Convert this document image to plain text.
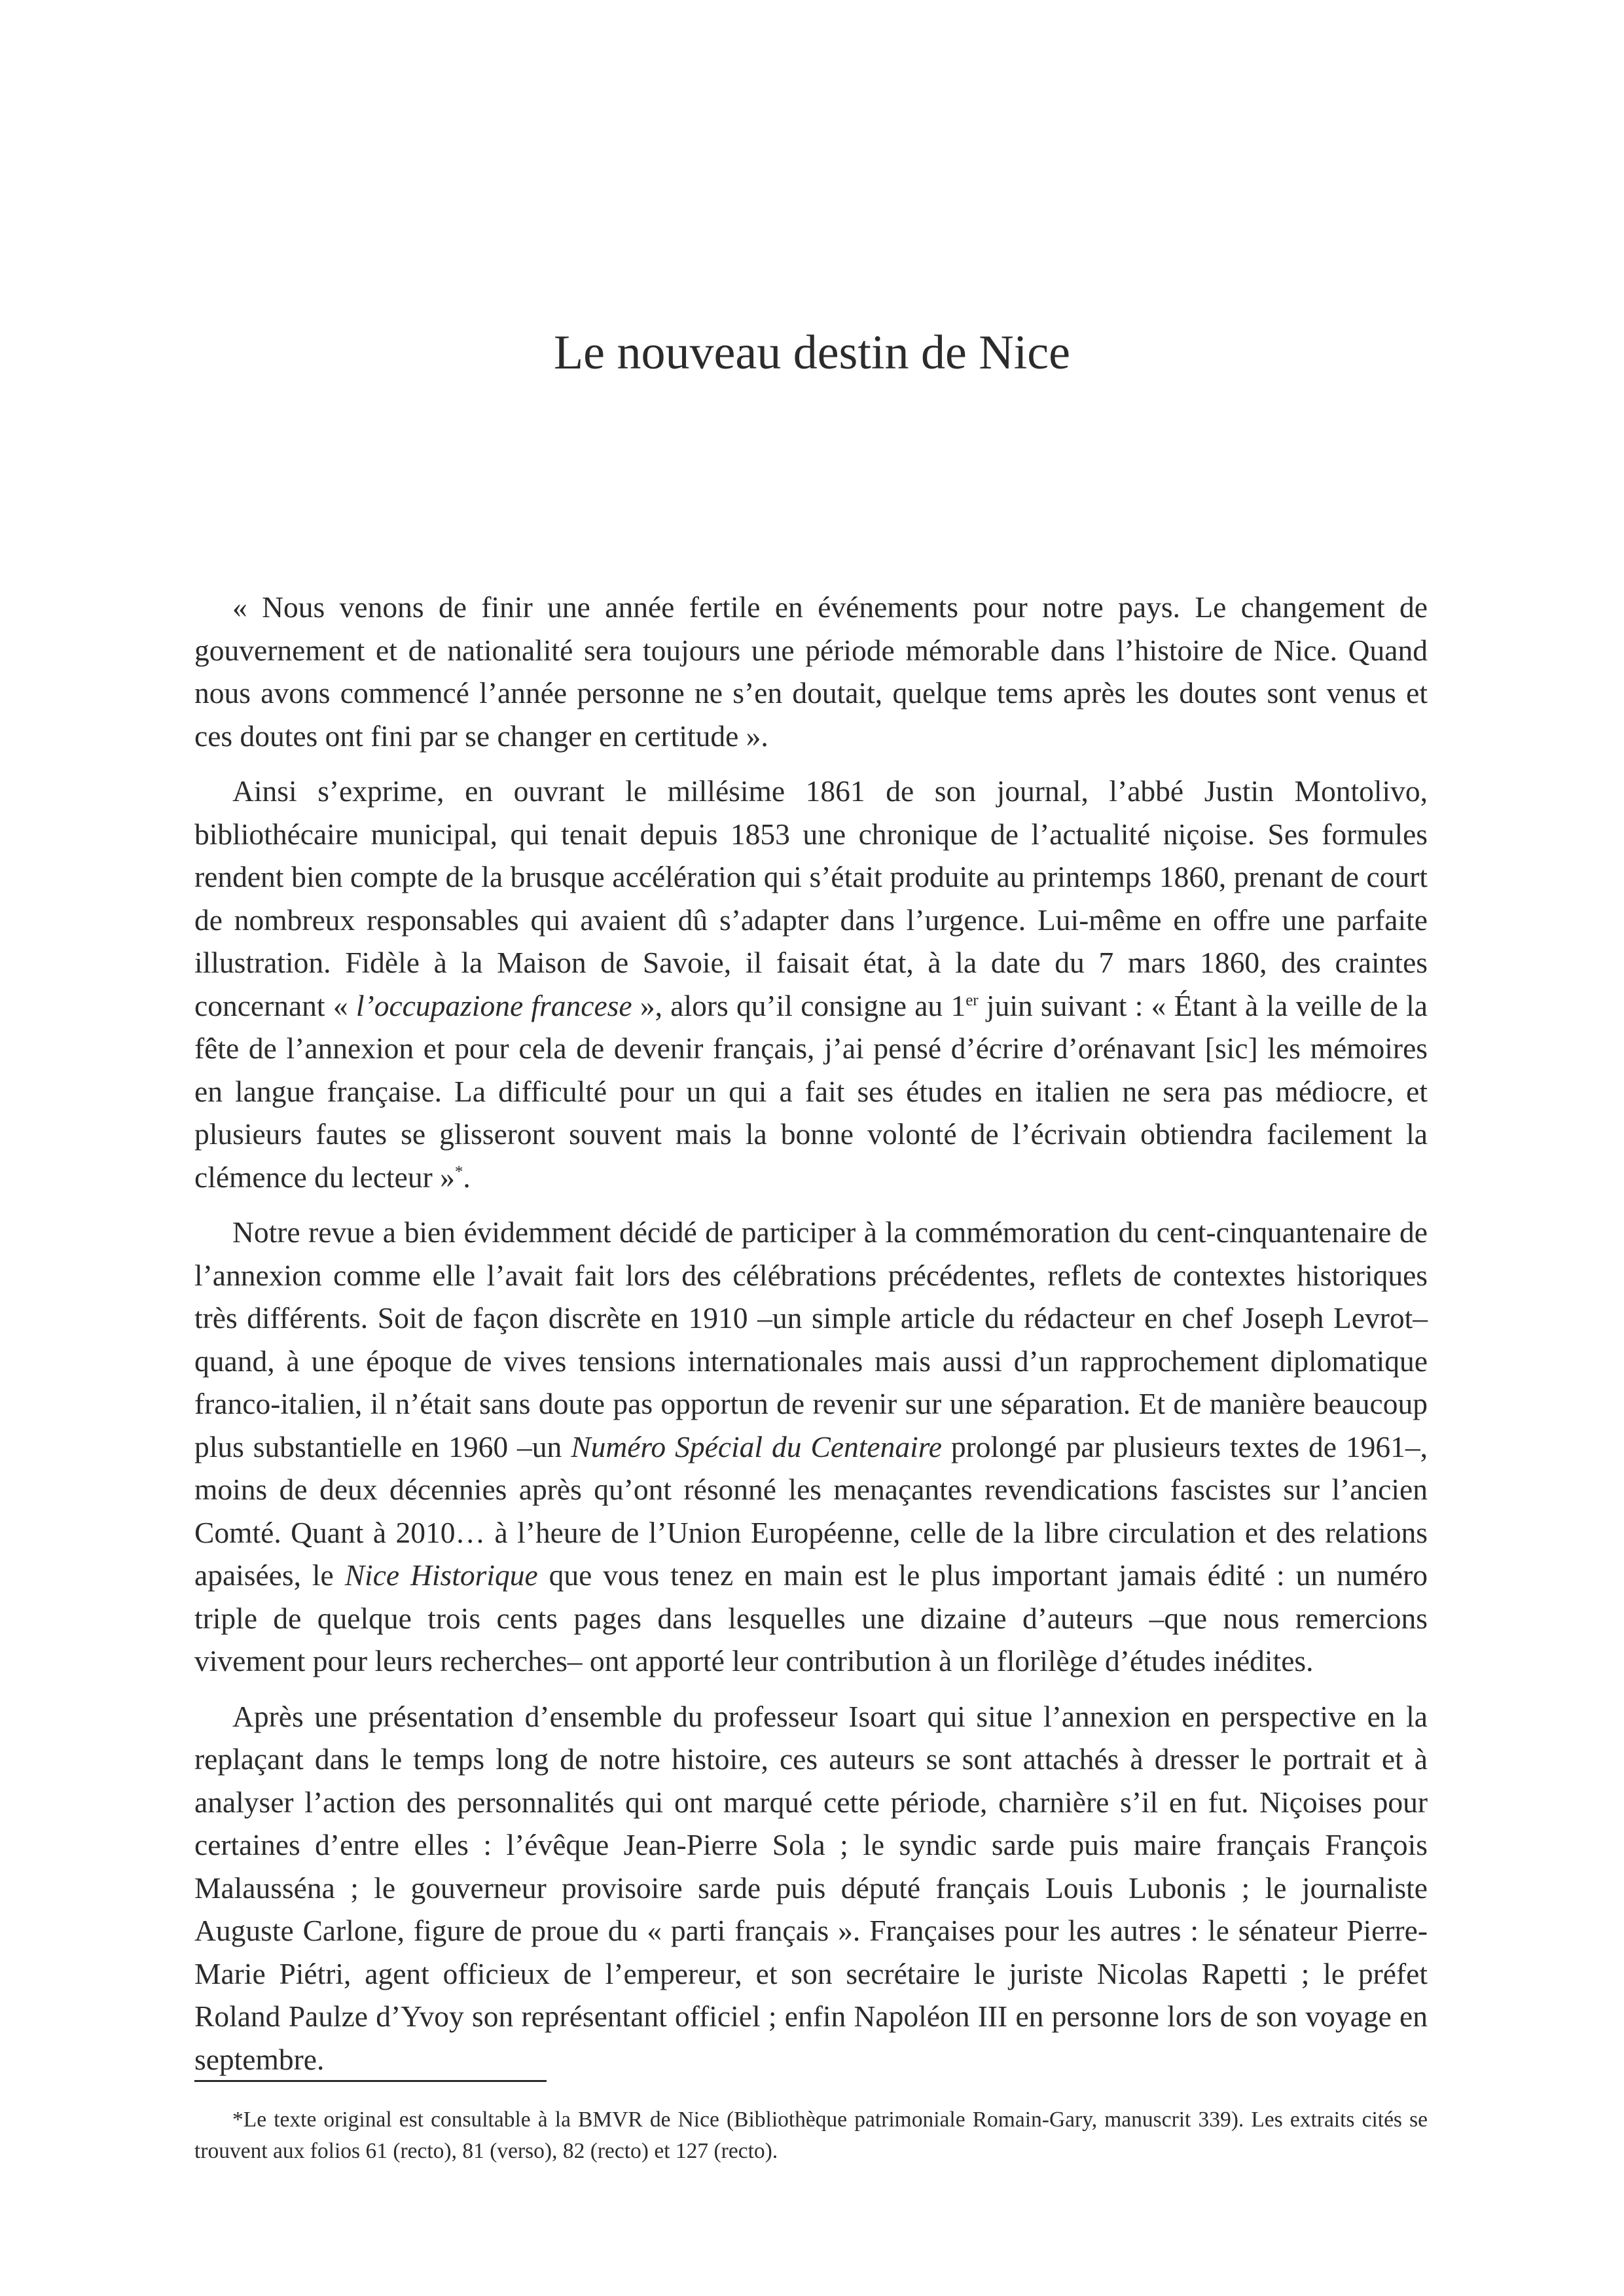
Le nouveau destin de Nice

« Nous venons de finir une année fertile en événements pour notre pays. Le changement de gouvernement et de nationalité sera toujours une période mémorable dans l’histoire de Nice. Quand nous avons commencé l’année personne ne s’en doutait, quelque tems après les doutes sont venus et ces doutes ont fini par se changer en certitude ».

Ainsi s’exprime, en ouvrant le millésime 1861 de son journal, l’abbé Justin Montolivo, bibliothécaire municipal, qui tenait depuis 1853 une chronique de l’actualité niçoise. Ses formules rendent bien compte de la brusque accélération qui s’était produite au printemps 1860, prenant de court de nombreux responsables qui avaient dû s’adapter dans l’urgence. Lui-même en offre une parfaite illustration. Fidèle à la Maison de Savoie, il faisait état, à la date du 7 mars 1860, des craintes concernant « l’occupazione francese », alors qu’il consigne au 1er juin suivant : « Étant à la veille de la fête de l’annexion et pour cela de devenir français, j’ai pensé d’écrire d’orénavant [sic] les mémoires en langue française. La difficulté pour un qui a fait ses études en italien ne sera pas médiocre, et plusieurs fautes se glisseront souvent mais la bonne volonté de l’écrivain obtiendra facilement la clémence du lecteur »*.

Notre revue a bien évidemment décidé de participer à la commémoration du cent-cinquantenaire de l’annexion comme elle l’avait fait lors des célébrations précédentes, reflets de contextes historiques très différents. Soit de façon discrète en 1910 –un simple article du rédacteur en chef Joseph Levrot– quand, à une époque de vives tensions internationales mais aussi d’un rapprochement diplomatique franco-italien, il n’était sans doute pas opportun de revenir sur une séparation. Et de manière beaucoup plus substantielle en 1960 –un Numéro Spécial du Centenaire prolongé par plusieurs textes de 1961–, moins de deux décennies après qu’ont résonné les menaçantes revendications fascistes sur l’ancien Comté. Quant à 2010… à l’heure de l’Union Européenne, celle de la libre circulation et des relations apaisées, le Nice Historique que vous tenez en main est le plus important jamais édité : un numéro triple de quelque trois cents pages dans lesquelles une dizaine d’auteurs –que nous remercions vivement pour leurs recherches– ont apporté leur contribution à un florilège d’études inédites.

Après une présentation d’ensemble du professeur Isoart qui situe l’annexion en perspective en la replaçant dans le temps long de notre histoire, ces auteurs se sont attachés à dresser le portrait et à analyser l’action des personnalités qui ont marqué cette période, charnière s’il en fut. Niçoises pour certaines d’entre elles : l’évêque Jean-Pierre Sola ; le syndic sarde puis maire français François Malausséna ; le gouverneur provisoire sarde puis député français Louis Lubonis ; le journaliste Auguste Carlone, figure de proue du « parti français ». Françaises pour les autres : le sénateur Pierre-Marie Piétri, agent officieux de l’empereur, et son secrétaire le juriste Nicolas Rapetti ; le préfet Roland Paulze d’Yvoy son représentant officiel ; enfin Napoléon III en personne lors de son voyage en septembre.

*Le texte original est consultable à la BMVR de Nice (Bibliothèque patrimoniale Romain-Gary, manuscrit 339). Les extraits cités se trouvent aux folios 61 (recto), 81 (verso), 82 (recto) et 127 (recto).
